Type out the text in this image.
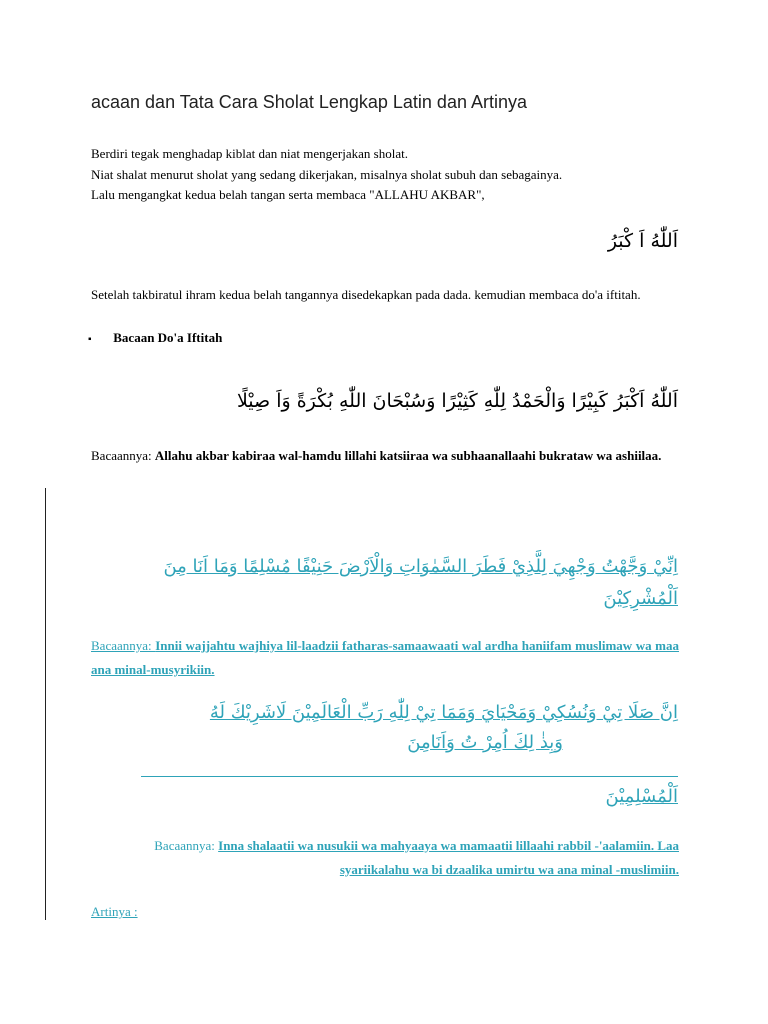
acaan dan Tata Cara Sholat Lengkap Latin dan Artinya
Berdiri tegak menghadap kiblat dan niat mengerjakan sholat.
Niat shalat menurut sholat yang sedang dikerjakan, misalnya sholat subuh dan sebagainya.
Lalu mengangkat kedua belah tangan serta membaca "ALLAHU AKBAR",
اَللّٰهُ اَ كْبَرُ
Setelah takbiratul ihram kedua belah tangannya disedekapkan pada dada. kemudian membaca do'a iftitah.
▪ Bacaan Do'a Iftitah
اَللّٰهُ اَكْبَرُ كَبِيْرًا وَالْحَمْدُ لِلّٰهِ كَثِيْرًا وَسُبْحَانَ اللّٰهِ بُكْرَةً وَاَ صِيْلًا
Bacaannya: Allahu akbar kabiraa wal-hamdu lillahi katsiiraa wa subhaanallaahi bukrataw wa ashiilaa.
اِنِّيْ وَجَّهْتُ وَجْهِيَ لِلَّذِيْ فَطَرَ السَّمٰوَاتِ وَالْاَرْضَ حَنِيْفًا مُسْلِمًا وَمَا اَنَا مِنَ
اَلْمُشْرِكِيْنَ
Bacaannya: Innii wajjahtu wajhiya lil-laadzii fatharas-samaawaati wal ardha haniifam muslimaw wa maa ana minal-musyrikiin.
اِنَّ صَلَا تِيْ وَنُسُكِيْ وَمَحْيَايَ وَمَمَا تِيْ لِلّٰهِ رَبِّ الْعَالَمِيْنَ لَاشَرِيْكَ لَهُ
وَبِذٰ لِكَ اُمِرْ تُ وَاَنَامِنَ
اَلْمُسْلِمِيْنَ
Bacaannya: Inna shalaatii wa nusukii wa mahyaaya wa mamaatii lillaahi rabbil -'aalamiin. Laa
syariikalahu wa bi dzaalika umirtu wa ana minal -muslimiin.
Artinya :
